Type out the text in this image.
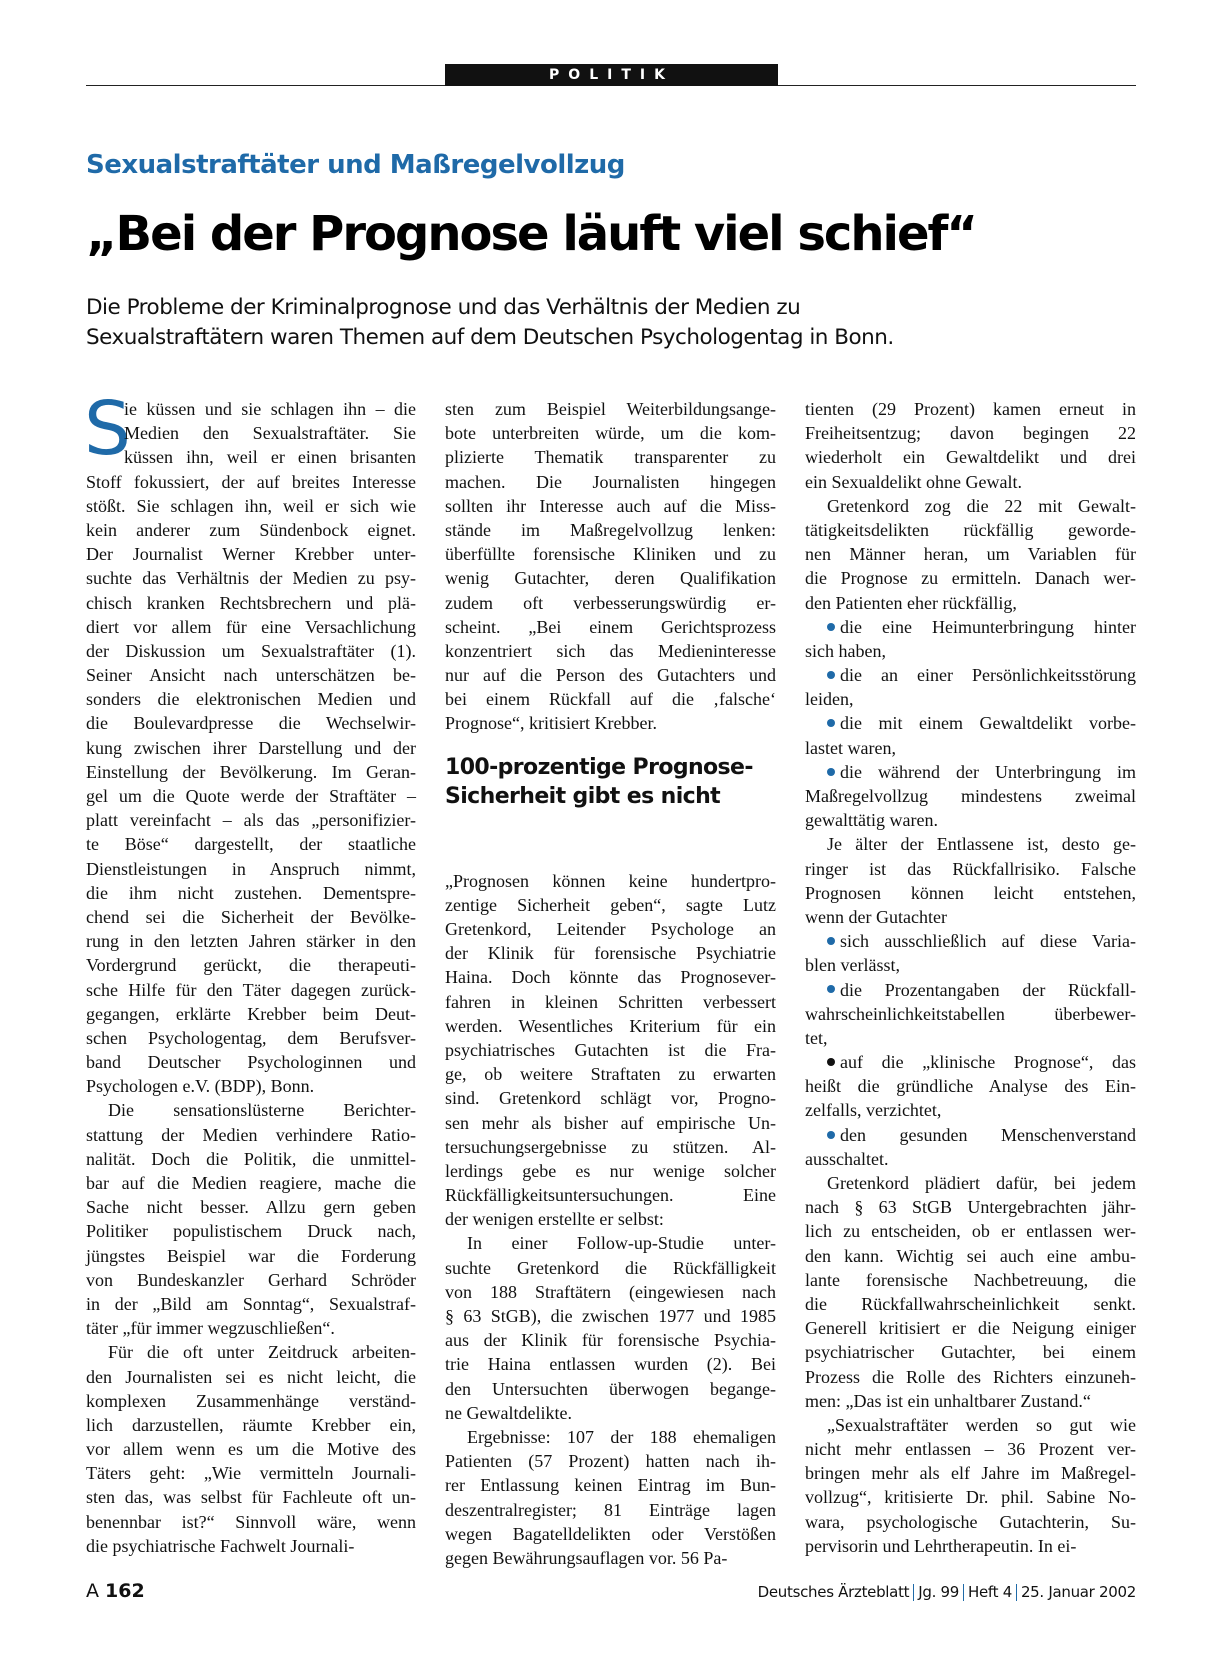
POLITIK
Sexualstraftäter und Maßregelvollzug
„Bei der Prognose läuft viel schief“
Die Probleme der Kriminalprognose und das Verhältnis der Medien zu
Sexualstraftätern waren Themen auf dem Deutschen Psychologentag in Bonn.
S
ie küssen und sie schlagen ihn – die
Medien den Sexualstraftäter. Sie
küssen ihn, weil er einen brisanten
Stoff fokussiert, der auf breites Interesse
stößt. Sie schlagen ihn, weil er sich wie
kein anderer zum Sündenbock eignet.
Der Journalist Werner Krebber unter-
suchte das Verhältnis der Medien zu psy-
chisch kranken Rechtsbrechern und plä-
diert vor allem für eine Versachlichung
der Diskussion um Sexualstraftäter (1).
Seiner Ansicht nach unterschätzen be-
sonders die elektronischen Medien und
die Boulevardpresse die Wechselwir-
kung zwischen ihrer Darstellung und der
Einstellung der Bevölkerung. Im Geran-
gel um die Quote werde der Straftäter –
platt vereinfacht – als das „personifizier-
te Böse“ dargestellt, der staatliche
Dienstleistungen in Anspruch nimmt,
die ihm nicht zustehen. Dementspre-
chend sei die Sicherheit der Bevölke-
rung in den letzten Jahren stärker in den
Vordergrund gerückt, die therapeuti-
sche Hilfe für den Täter dagegen zurück-
gegangen, erklärte Krebber beim Deut-
schen Psychologentag, dem Berufsver-
band Deutscher Psychologinnen und
Psychologen e.V. (BDP), Bonn.
Die sensationslüsterne Berichter-
stattung der Medien verhindere Ratio-
nalität. Doch die Politik, die unmittel-
bar auf die Medien reagiere, mache die
Sache nicht besser. Allzu gern geben
Politiker populistischem Druck nach,
jüngstes Beispiel war die Forderung
von Bundeskanzler Gerhard Schröder
in der „Bild am Sonntag“, Sexualstraf-
täter „für immer wegzuschließen“.
Für die oft unter Zeitdruck arbeiten-
den Journalisten sei es nicht leicht, die
komplexen Zusammenhänge verständ-
lich darzustellen, räumte Krebber ein,
vor allem wenn es um die Motive des
Täters geht: „Wie vermitteln Journali-
sten das, was selbst für Fachleute oft un-
benennbar ist?“ Sinnvoll wäre, wenn
die psychiatrische Fachwelt Journali-
sten zum Beispiel Weiterbildungsange-
bote unterbreiten würde, um die kom-
plizierte Thematik transparenter zu
machen. Die Journalisten hingegen
sollten ihr Interesse auch auf die Miss-
stände im Maßregelvollzug lenken:
überfüllte forensische Kliniken und zu
wenig Gutachter, deren Qualifikation
zudem oft verbesserungswürdig er-
scheint. „Bei einem Gerichtsprozess
konzentriert sich das Medieninteresse
nur auf die Person des Gutachters und
bei einem Rückfall auf die ‚falsche‘
Prognose“, kritisiert Krebber.
100-prozentige Prognose-
Sicherheit gibt es nicht
„Prognosen können keine hundertpro-
zentige Sicherheit geben“, sagte Lutz
Gretenkord, Leitender Psychologe an
der Klinik für forensische Psychiatrie
Haina. Doch könnte das Prognosever-
fahren in kleinen Schritten verbessert
werden. Wesentliches Kriterium für ein
psychiatrisches Gutachten ist die Fra-
ge, ob weitere Straftaten zu erwarten
sind. Gretenkord schlägt vor, Progno-
sen mehr als bisher auf empirische Un-
tersuchungsergebnisse zu stützen. Al-
lerdings gebe es nur wenige solcher
Rückfälligkeitsuntersuchungen. Eine
der wenigen erstellte er selbst:
In einer Follow-up-Studie unter-
suchte Gretenkord die Rückfälligkeit
von 188 Straftätern (eingewiesen nach
§ 63 StGB), die zwischen 1977 und 1985
aus der Klinik für forensische Psychia-
trie Haina entlassen wurden (2). Bei
den Untersuchten überwogen begange-
ne Gewaltdelikte.
Ergebnisse: 107 der 188 ehemaligen
Patienten (57 Prozent) hatten nach ih-
rer Entlassung keinen Eintrag im Bun-
deszentralregister; 81 Einträge lagen
wegen Bagatelldelikten oder Verstößen
gegen Bewährungsauflagen vor. 56 Pa-
tienten (29 Prozent) kamen erneut in
Freiheitsentzug; davon begingen 22
wiederholt ein Gewaltdelikt und drei
ein Sexualdelikt ohne Gewalt.
Gretenkord zog die 22 mit Gewalt-
tätigkeitsdelikten rückfällig geworde-
nen Männer heran, um Variablen für
die Prognose zu ermitteln. Danach wer-
den Patienten eher rückfällig,
die eine Heimunterbringung hinter
sich haben,
die an einer Persönlichkeitsstörung
leiden,
die mit einem Gewaltdelikt vorbe-
lastet waren,
die während der Unterbringung im
Maßregelvollzug mindestens zweimal
gewalttätig waren.
Je älter der Entlassene ist, desto ge-
ringer ist das Rückfallrisiko. Falsche
Prognosen können leicht entstehen,
wenn der Gutachter
sich ausschließlich auf diese Varia-
blen verlässt,
die Prozentangaben der Rückfall-
wahrscheinlichkeitstabellen überbewer-
tet,
auf die „klinische Prognose“, das
heißt die gründliche Analyse des Ein-
zelfalls, verzichtet,
den gesunden Menschenverstand
ausschaltet.
Gretenkord plädiert dafür, bei jedem
nach § 63 StGB Untergebrachten jähr-
lich zu entscheiden, ob er entlassen wer-
den kann. Wichtig sei auch eine ambu-
lante forensische Nachbetreuung, die
die Rückfallwahrscheinlichkeit senkt.
Generell kritisiert er die Neigung einiger
psychiatrischer Gutachter, bei einem
Prozess die Rolle des Richters einzuneh-
men: „Das ist ein unhaltbarer Zustand.“
„Sexualstraftäter werden so gut wie
nicht mehr entlassen – 36 Prozent ver-
bringen mehr als elf Jahre im Maßregel-
vollzug“, kritisierte Dr. phil. Sabine No-
wara, psychologische Gutachterin, Su-
pervisorin und Lehrtherapeutin. In ei-
A 162	Deutsches Ärzteblatt Jg. 99 Heft 4 25. Januar 2002
